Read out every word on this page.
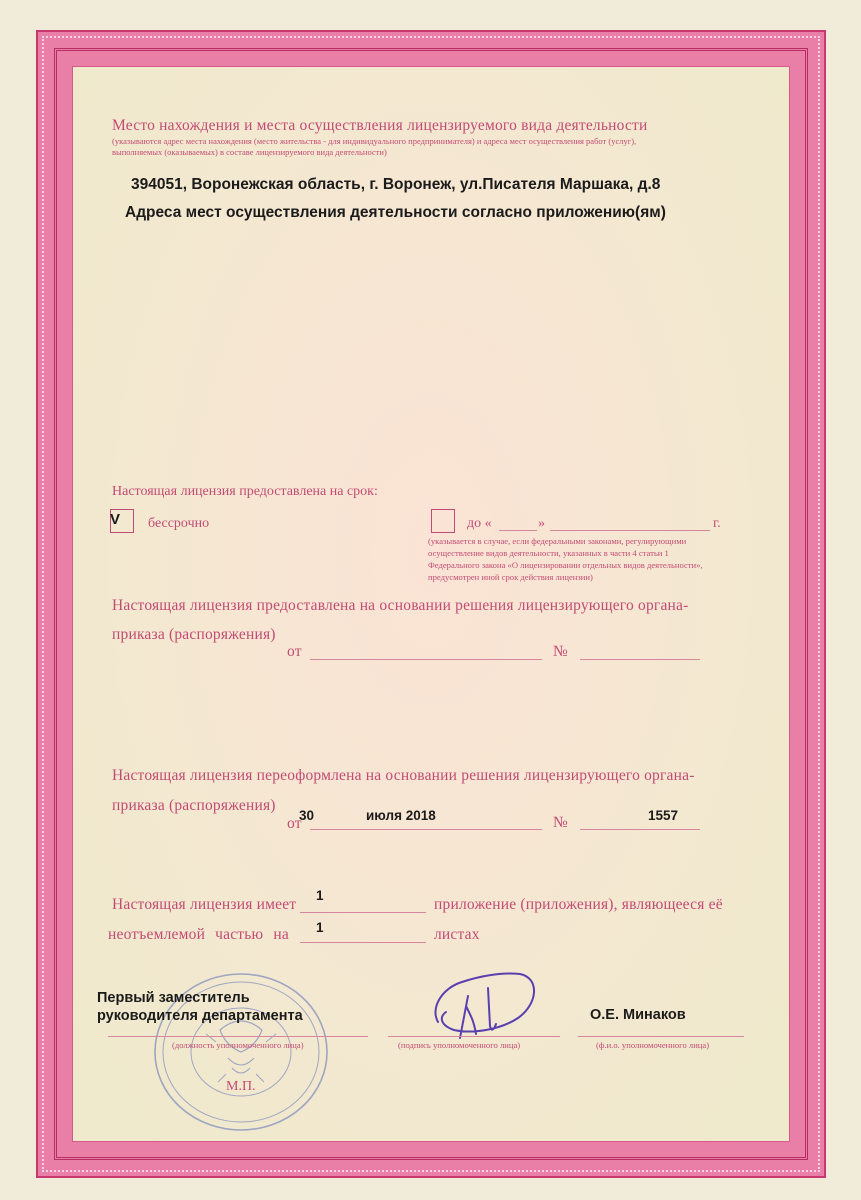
Место нахождения и места осуществления лицензируемого вида деятельности
(указываются адрес места нахождения (место жительства - для индивидуального предпринимателя) и адреса мест осуществления работ (услуг),
выполняемых (оказываемых) в составе лицензируемого вида деятельности)
394051, Воронежская область, г. Воронеж, ул.Писателя Маршака, д.8
Адреса мест осуществления деятельности согласно приложению(ям)
Настоящая лицензия предоставлена на срок:
V бессрочно	до «	»	г.
(указывается в случае, если федеральными законами, регулирующими
осуществление видов деятельности, указанных в части 4 статьи 1
Федерального закона «О лицензировании отдельных видов деятельности»,
предусмотрен иной срок действия лицензии)
Настоящая лицензия предоставлена на основании решения лицензирующего органа-
приказа (распоряжения)
от	№
Настоящая лицензия переоформлена на основании решения лицензирующего органа-
приказа (распоряжения)
от
30	июля 2018	№	1557
Настоящая лицензия имеет
1
приложение (приложения), являющееся её
неотъемлемой частью на 1	листах
Первый заместитель
руководителя департамента
(должность уполномоченного лица)	(подпись уполномоченного лица)
О.Е. Минаков
(ф.и.о. уполномоченного лица)
М.П.
